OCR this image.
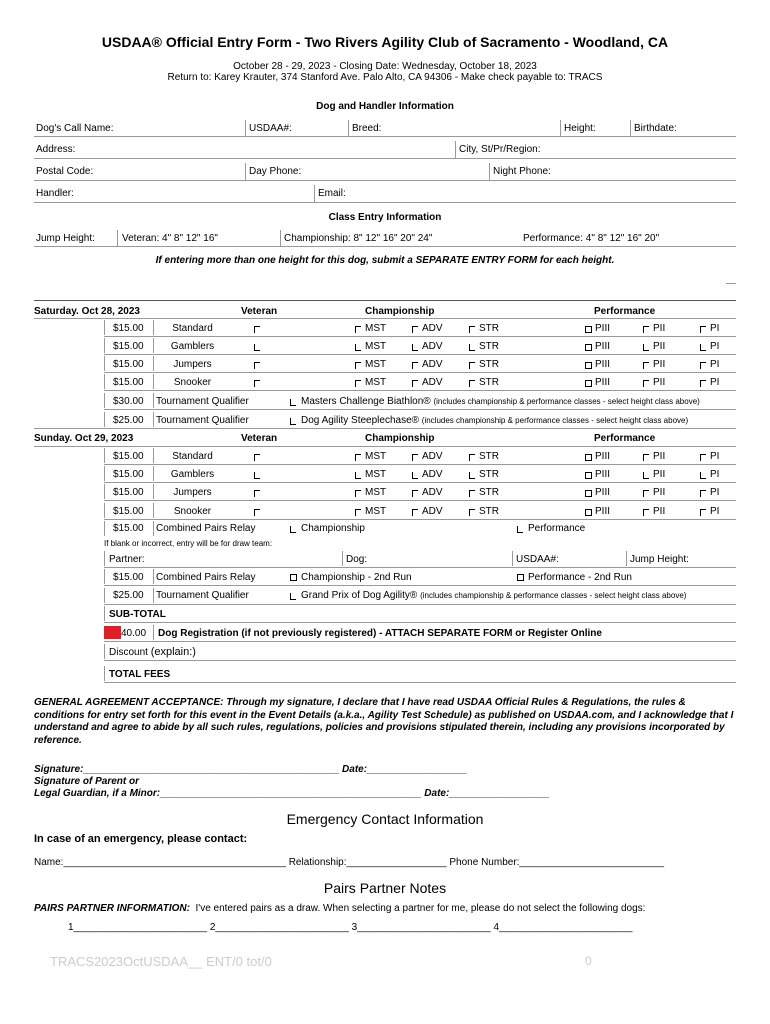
USDAA® Official Entry Form - Two Rivers Agility Club of Sacramento - Woodland, CA
October 28 - 29, 2023 - Closing Date: Wednesday, October 18, 2023
Return to: Karey Krauter, 374 Stanford Ave. Palo Alto, CA 94306 - Make check payable to: TRACS
Dog and Handler Information
Dog's Call Name:	USDAA#:	Breed:	Height:	Birthdate:
Address:	City, St/Pr/Region:
Postal Code:	Day Phone:	Night Phone:
Handler:	Email:
Class Entry Information
Jump Height:	Veteran: 4" 8" 12" 16"	Championship: 8" 12" 16" 20" 24"	Performance: 4" 8" 12" 16" 20"
If entering more than one height for this dog, submit a SEPARATE ENTRY FORM for each height.
Saturday. Oct 28, 2023	Veteran	Championship	Performance
$15.00	Standard	MST	ADV	STR	PIII	PII	PI
$15.00	Gamblers	MST	ADV	STR	PIII	PII	PI
$15.00	Jumpers	MST	ADV	STR	PIII	PII	PI
$15.00	Snooker	MST	ADV	STR	PIII	PII	PI
$30.00 Tournament Qualifier	Masters Challenge Biathlon® (includes championship & performance classes - select height class above)
$25.00 Tournament Qualifier	Dog Agility Steeplechase® (includes championship & performance classes - select height class above)
Sunday. Oct 29, 2023	Veteran	Championship	Performance
$15.00	Standard	MST	ADV	STR	PIII	PII	PI
$15.00	Gamblers	MST	ADV	STR	PIII	PII	PI
$15.00	Jumpers	MST	ADV	STR	PIII	PII	PI
$15.00	Snooker	MST	ADV	STR	PIII	PII	PI
$15.00 Combined Pairs Relay	Championship	Performance
If blank or incorrect, entry will be for draw team:
Partner:	Dog:	USDAA#:	Jump Height:
$15.00 Combined Pairs Relay	Championship - 2nd Run	Performance - 2nd Run
$25.00 Tournament Qualifier	Grand Prix of Dog Agility® (includes championship & performance classes - select height class above)
SUB-TOTAL
40.00 Dog Registration (if not previously registered) - ATTACH SEPARATE FORM or Register Online
Discount (explain:)
TOTAL FEES
GENERAL AGREEMENT ACCEPTANCE: Through my signature, I declare that I have read USDAA Official Rules & Regulations, the rules & conditions for entry set forth for this event in the Event Details (a.k.a., Agility Test Schedule) as published on USDAA.com, and I acknowledge that I understand and agree to abide by all such rules, regulations, policies and provisions stipulated therein, including any provisions incorporated by reference.
Signature:______________________________________________ Date:__________________
Signature of Parent or
Legal Guardian, if a Minor:_______________________________________________ Date:__________________
Emergency Contact Information
In case of an emergency, please contact:
Name:________________________________________ Relationship:__________________ Phone Number:__________________________
Pairs Partner Notes
PAIRS PARTNER INFORMATION: I've entered pairs as a draw. When selecting a partner for me, please do not select the following dogs:
1________________________ 2________________________ 3________________________ 4________________________
TRACS2023OctUSDAA__ ENT/0 tot/0	0
